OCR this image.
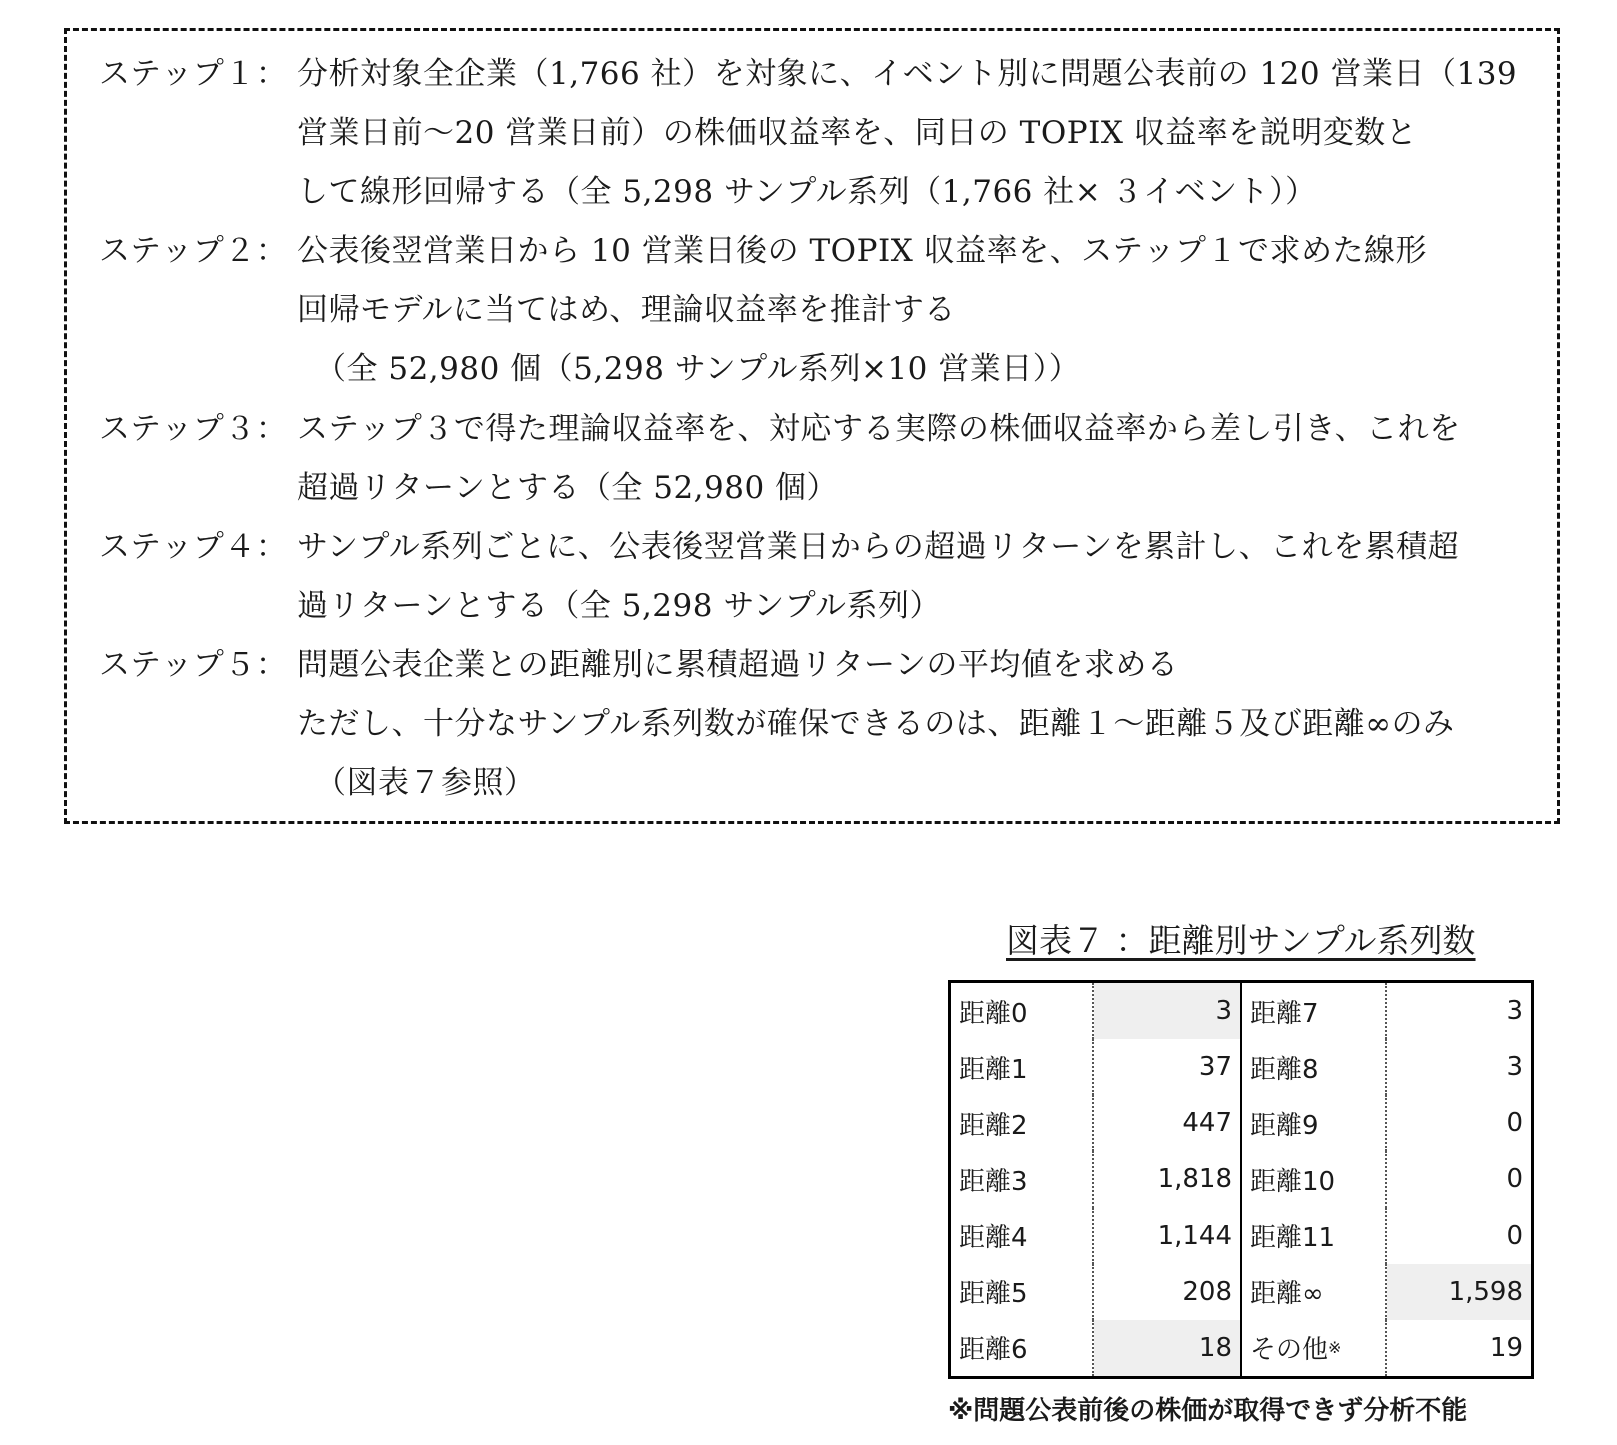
ステップ１： 分析対象全企業（1,766 社）を対象に、イベント別に問題公表前の 120 営業日（139
営業日前〜20 営業日前）の株価収益率を、同日の TOPIX 収益率を説明変数と
して線形回帰する（全 5,298 サンプル系列（1,766 社× ３イベント））
ステップ２： 公表後翌営業日から 10 営業日後の TOPIX 収益率を、ステップ１で求めた線形
回帰モデルに当てはめ、理論収益率を推計する
（全 52,980 個（5,298 サンプル系列×10 営業日））
ステップ３： ステップ３で得た理論収益率を、対応する実際の株価収益率から差し引き、これを
超過リターンとする（全 52,980 個）
ステップ４： サンプル系列ごとに、公表後翌営業日からの超過リターンを累計し、これを累積超
過リターンとする（全 5,298 サンプル系列）
ステップ５： 問題公表企業との距離別に累積超過リターンの平均値を求める
ただし、十分なサンプル系列数が確保できるのは、距離１〜距離５及び距離∞のみ
（図表７参照）
図表７ ：距離別サンプル系列数
距離0	3 距離7	3
距離1	37 距離8	3
距離2	447 距離9	0
距離3	1,818 距離10	0
距離4	1,144 距離11	0
距離5	208 距離∞	1,598
距離6	18 その他 ※	19
※問題公表前後の株価が取得できず分析不能
